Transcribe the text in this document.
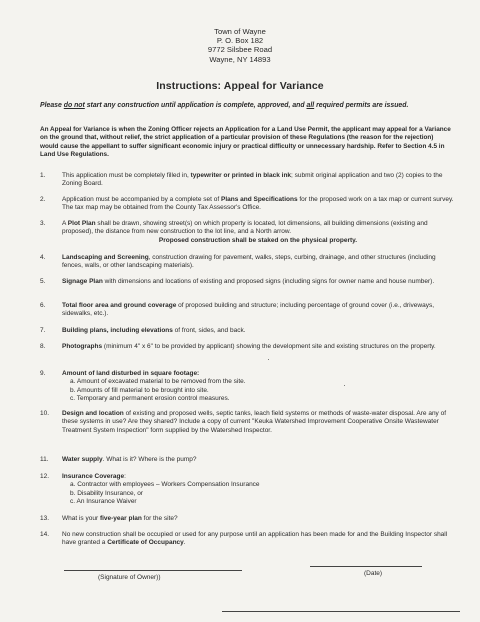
Town of Wayne
P. O. Box 182
9772 Silsbee Road
Wayne, NY 14893
Instructions: Appeal for Variance
Please do not start any construction until application is complete, approved, and all required permits are issued.
An Appeal for Variance is when the Zoning Officer rejects an Application for a Land Use Permit, the applicant may appeal for a Variance on the ground that, without relief, the strict application of a particular provision of these Regulations (the reason for the rejection) would cause the appellant to suffer significant economic injury or practical difficulty or unnecessary hardship. Refer to Section 4.5 in Land Use Regulations.
1.	This application must be completely filled in, typewriter or printed in black ink; submit original application and two (2) copies to the Zoning Board.
2.	Application must be accompanied by a complete set of Plans and Specifications for the proposed work on a tax map or current survey. The tax map may be obtained from the County Tax Assessor's Office.
3.	A Plot Plan shall be drawn, showing street(s) on which property is located, lot dimensions, all building dimensions (existing and proposed), the distance from new construction to the lot line, and a North arrow.
Proposed construction shall be staked on the physical property.
4.	Landscaping and Screening, construction drawing for pavement, walks, steps, curbing, drainage, and other structures (including fences, walls, or other landscaping materials).
5.	Signage Plan with dimensions and locations of existing and proposed signs (including signs for owner name and house number).
6.	Total floor area and ground coverage of proposed building and structure; including percentage of ground cover (i.e., driveways, sidewalks, etc.).
7.	Building plans, including elevations of front, sides, and back.
8.	Photographs (minimum 4" x 6" to be provided by applicant) showing the development site and existing structures on the property.
9.	Amount of land disturbed in square footage:
a. Amount of excavated material to be removed from the site.
b. Amounts of fill material to be brought into site.
c. Temporary and permanent erosion control measures.
10.	Design and location of existing and proposed wells, septic tanks, leach field systems or methods of waste-water disposal. Are any of these systems in use? Are they shared? Include a copy of current "Keuka Watershed Improvement Cooperative Onsite Wastewater Treatment System Inspection" form supplied by the Watershed Inspector.
11.	Water supply. What is it? Where is the pump?
12.	Insurance Coverage:
a. Contractor with employees – Workers Compensation Insurance
b. Disability Insurance, or
c. An Insurance Waiver
13.	What is your five-year plan for the site?
14.	No new construction shall be occupied or used for any purpose until an application has been made for and the Building Inspector shall have granted a Certificate of Occupancy.
(Signature of Owner))
(Date)
